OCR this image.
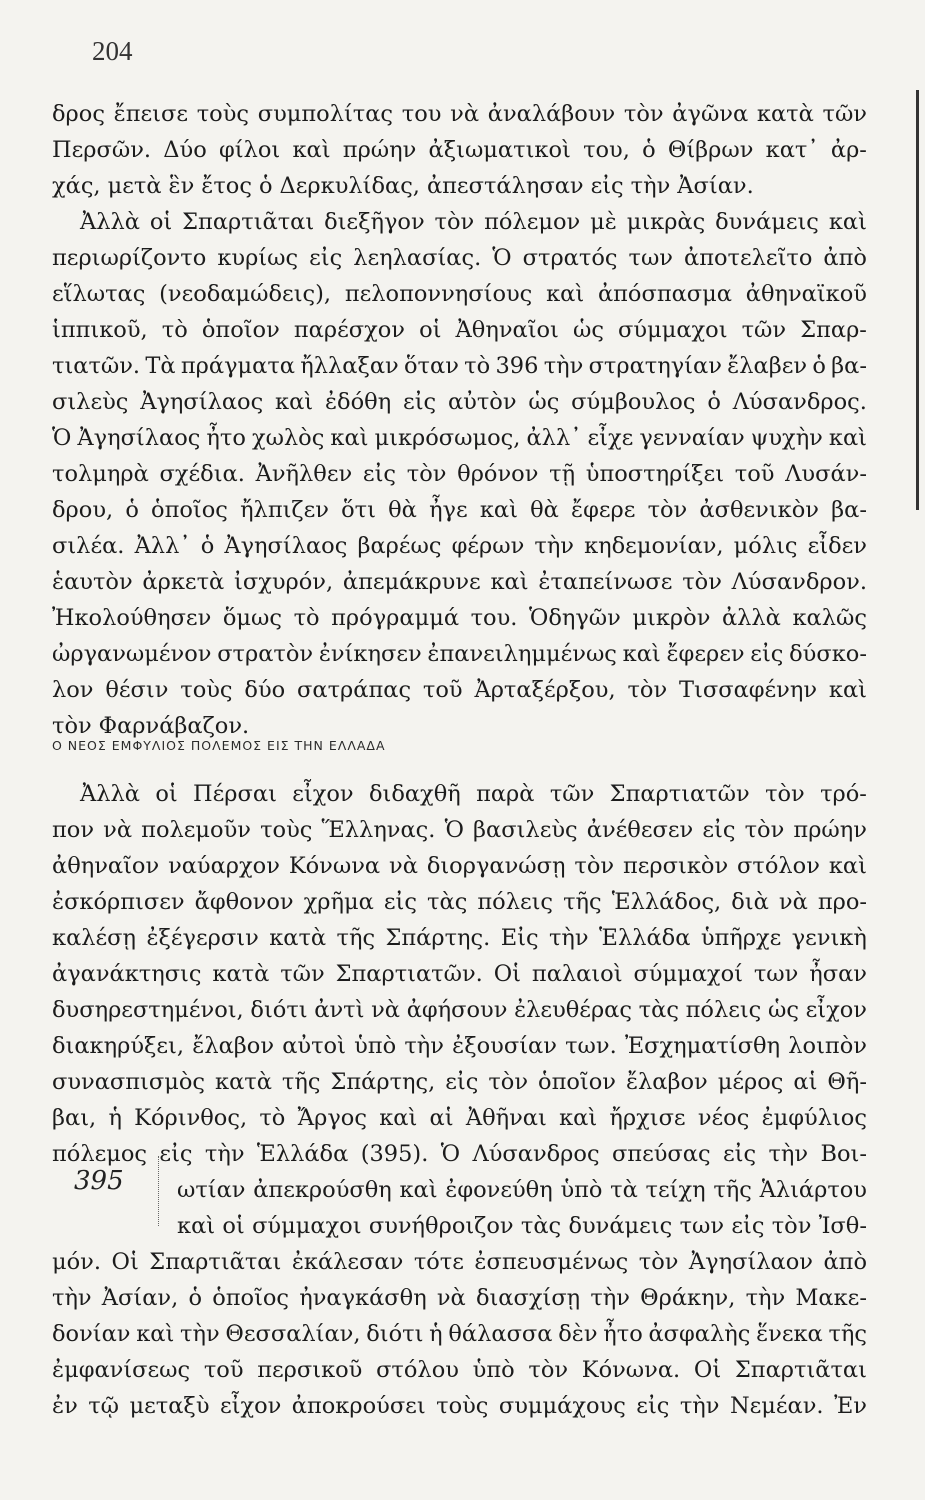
204
δρος ἔπεισε τοὺς συμπολίτας του νὰ ἀναλάβουν τὸν ἀγῶνα κατὰ τῶν
Περσῶν. Δύο φίλοι καὶ πρώην ἀξιωματικοὶ του, ὁ Θίβρων κατ᾽ ἀρ-
χάς, μετὰ ἓν ἔτος ὁ Δερκυλίδας, ἀπεστάλησαν εἰς τὴν Ἀσίαν.
Ἀλλὰ οἱ Σπαρτιᾶται διεξῆγον τὸν πόλεμον μὲ μικρὰς δυνάμεις καὶ
περιωρίζοντο κυρίως εἰς λεηλασίας. Ὁ στρατός των ἀποτελεῖτο ἀπὸ
εἵλωτας (νεοδαμώδεις), πελοποννησίους καὶ ἀπόσπασμα ἀθηναϊκοῦ
ἱππικοῦ, τὸ ὁποῖον παρέσχον οἱ Ἀθηναῖοι ὡς σύμμαχοι τῶν Σπαρ-
τιατῶν. Τὰ πράγματα ἤλλαξαν ὅταν τὸ 396 τὴν στρατηγίαν ἔλαβεν ὁ βα-
σιλεὺς Ἀγησίλαος καὶ ἐδόθη εἰς αὐτὸν ὡς σύμβουλος ὁ Λύσανδρος.
Ὁ Ἀγησίλαος ἦτο χωλὸς καὶ μικρόσωμος, ἀλλ᾽ εἶχε γενναίαν ψυχὴν καὶ
τολμηρὰ σχέδια. Ἀνῆλθεν εἰς τὸν θρόνον τῇ ὑποστηρίξει τοῦ Λυσάν-
δρου, ὁ ὁποῖος ἤλπιζεν ὅτι θὰ ἦγε καὶ θὰ ἔφερε τὸν ἀσθενικὸν βα-
σιλέα. Ἀλλ᾽ ὁ Ἀγησίλαος βαρέως φέρων τὴν κηδεμονίαν, μόλις εἶδεν
ἑαυτὸν ἀρκετὰ ἰσχυρόν, ἀπεμάκρυνε καὶ ἐταπείνωσε τὸν Λύσανδρον.
Ἠκολούθησεν ὅμως τὸ πρόγραμμά του. Ὁδηγῶν μικρὸν ἀλλὰ καλῶς
ὠργανωμένον στρατὸν ἐνίκησεν ἐπανειλημμένως καὶ ἔφερεν εἰς δύσκο-
λον θέσιν τοὺς δύο σατράπας τοῦ Ἀρταξέρξου, τὸν Τισσαφένην καὶ
τὸν Φαρνάβαζον.
Ο ΝΕΟΣ ΕΜΦΥΛΙΟΣ ΠΟΛΕΜΟΣ ΕΙΣ ΤΗΝ ΕΛΛΑΔΑ
Ἀλλὰ οἱ Πέρσαι εἶχον διδαχθῆ παρὰ τῶν Σπαρτιατῶν τὸν τρό-
πον νὰ πολεμοῦν τοὺς Ἕλληνας. Ὁ βασιλεὺς ἀνέθεσεν εἰς τὸν πρώην
ἀθηναῖον ναύαρχον Κόνωνα νὰ διοργανώσῃ τὸν περσικὸν στόλον καὶ
ἐσκόρπισεν ἄφθονον χρῆμα εἰς τὰς πόλεις τῆς Ἑλλάδος, διὰ νὰ προ-
καλέσῃ ἐξέγερσιν κατὰ τῆς Σπάρτης. Εἰς τὴν Ἑλλάδα ὑπῆρχε γενικὴ
ἀγανάκτησις κατὰ τῶν Σπαρτιατῶν. Οἱ παλαιοὶ σύμμαχοί των ἦσαν
δυσηρεστημένοι, διότι ἀντὶ νὰ ἀφήσουν ἐλευθέρας τὰς πόλεις ὡς εἶχον
διακηρύξει, ἔλαβον αὐτοὶ ὑπὸ τὴν ἐξουσίαν των. Ἐσχηματίσθη λοιπὸν
συνασπισμὸς κατὰ τῆς Σπάρτης, εἰς τὸν ὁποῖον ἔλαβον μέρος αἱ Θῆ-
βαι, ἡ Κόρινθος, τὸ Ἄργος καὶ αἱ Ἀθῆναι καὶ ἤρχισε νέος ἐμφύλιος
πόλεμος εἰς τὴν Ἑλλάδα (395). Ὁ Λύσανδρος σπεύσας εἰς τὴν Βοι-
ωτίαν ἀπεκρούσθη καὶ ἐφονεύθη ὑπὸ τὰ τείχη τῆς Ἁλιάρτου
καὶ οἱ σύμμαχοι συνήθροιζον τὰς δυνάμεις των εἰς τὸν Ἰσθ-
μόν. Οἱ Σπαρτιᾶται ἐκάλεσαν τότε ἐσπευσμένως τὸν Ἀγησίλαον ἀπὸ
τὴν Ἀσίαν, ὁ ὁποῖος ἠναγκάσθη νὰ διασχίσῃ τὴν Θράκην, τὴν Μακε-
δονίαν καὶ τὴν Θεσσαλίαν, διότι ἡ θάλασσα δὲν ἦτο ἀσφαλὴς ἕνεκα τῆς
ἐμφανίσεως τοῦ περσικοῦ στόλου ὑπὸ τὸν Κόνωνα. Οἱ Σπαρτιᾶται
ἐν τῷ μεταξὺ εἶχον ἀποκρούσει τοὺς συμμάχους εἰς τὴν Νεμέαν. Ἐν
395
